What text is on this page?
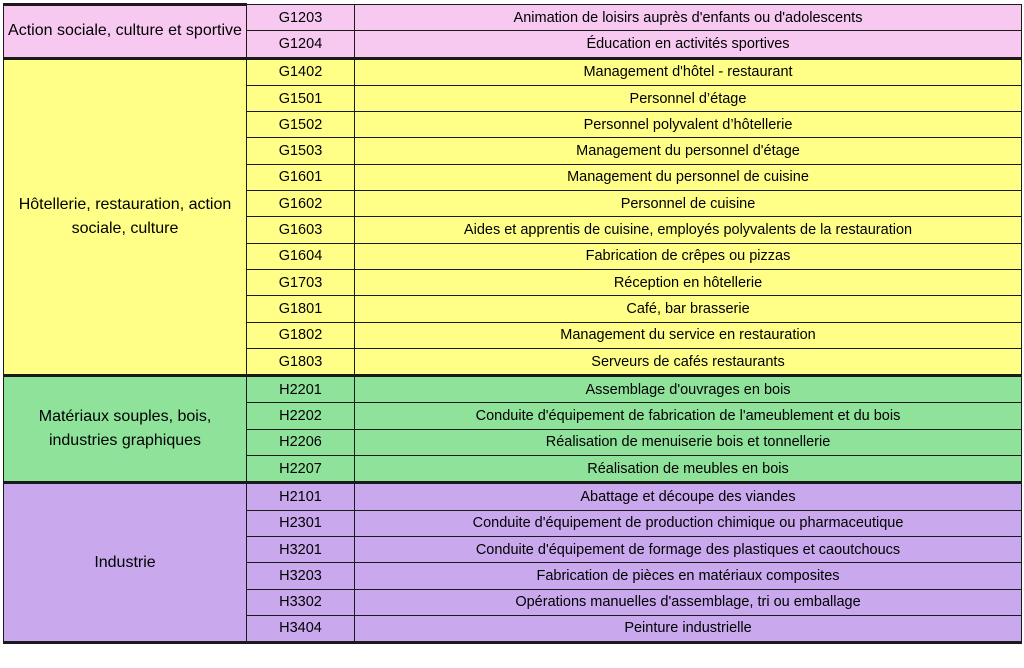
Action sociale, culture et sportive	G1203	Animation de loisirs auprès d'enfants ou d'adolescents
	G1204	Éducation en activités sportives
Hôtellerie, restauration, action sociale, culture	G1402	Management d'hôtel - restaurant
	G1501	Personnel d’étage
	G1502	Personnel polyvalent d’hôtellerie
	G1503	Management du personnel d'étage
	G1601	Management du personnel de cuisine
	G1602	Personnel de cuisine
	G1603	Aides et apprentis de cuisine, employés polyvalents de la restauration
	G1604	Fabrication de crêpes ou pizzas
	G1703	Réception en hôtellerie
	G1801	Café, bar brasserie
	G1802	Management du service en restauration
	G1803	Serveurs de cafés restaurants
Matériaux souples, bois, industries graphiques	H2201	Assemblage d'ouvrages en bois
	H2202	Conduite d'équipement de fabrication de l'ameublement et du bois
	H2206	Réalisation de menuiserie bois et tonnellerie
	H2207	Réalisation de meubles en bois
Industrie	H2101	Abattage et découpe des viandes
	H2301	Conduite d'équipement de production chimique ou pharmaceutique
	H3201	Conduite d'équipement de formage des plastiques et caoutchoucs
	H3203	Fabrication de pièces en matériaux composites
	H3302	Opérations manuelles d'assemblage, tri ou emballage
	H3404	Peinture industrielle
